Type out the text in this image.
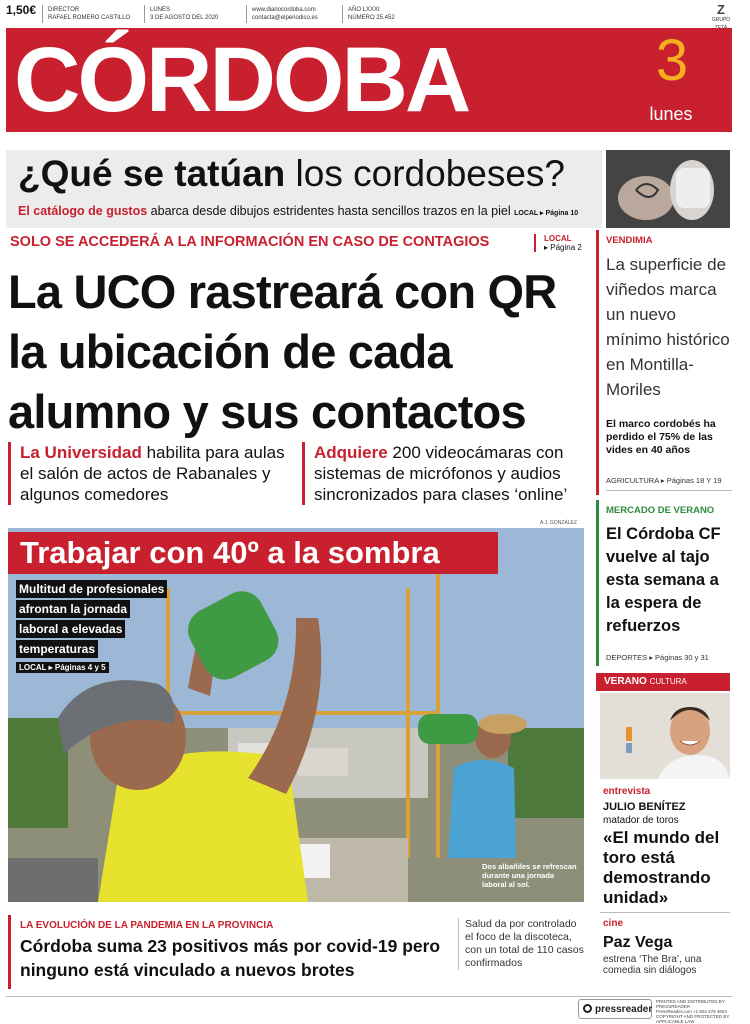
1,50€ DIRECTOR
RAFAEL ROMERO CASTILLO
LUNES
3 DE AGOSTO DEL 2020
www.diariocordoba.com
contacta@elperiodico.es
AÑO LXXXI
NÚMERO 25.452
Z
GRUPO
CÓRDOBA	3
lunes
¿Qué se tatúan los cordobeses?
El catálogo de gustos abarca desde dibujos estridentes hasta sencillos trazos en la piel LOCAL ▸ Página 10
SOLO SE ACCEDERÁ A LA INFORMACIÓN EN CASO DE CONTAGIOS	LOCAL
▸ Página 2
La UCO rastreará con QR la ubicación de cada alumno y sus contactos
La Universidad habilita para aulas el salón de actos de Rabanales y algunos comedores
Adquiere 200 videocámaras con sistemas de micrófonos y audios sincronizados para clases ‘online’
VENDIMIA
La superficie de viñedos marca un nuevo mínimo histórico en Montilla-Moriles
El marco cordobés ha perdido el 75% de las vides en 40 años
AGRICULTURA ▸ Páginas 18 Y 19
MERCADO DE VERANO
El Córdoba CF vuelve al tajo esta semana a la espera de refuerzos
DEPORTES ▸ Páginas 30 y 31
VERANO CULTURA
entrevista
JULIO BENÍTEZ
matador de toros
«El mundo del toro está demostrando unidad»
cine
Paz Vega
estrena ‘The Bra’, una comedia sin diálogos
A.J. GONZÁLEZ
Trabajar con 40º a la sombra
Multitud de profesionales
afrontan la jornada
laboral a elevadas
temperaturas
LOCAL ▸ Páginas 4 y 5
Dos albañiles se refrescan durante una jornada laboral al sol.
LA EVOLUCIÓN DE LA PANDEMIA EN LA PROVINCIA
Córdoba suma 23 positivos más por covid-19 pero ninguno está vinculado a nuevos brotes
Salud da por controlado el foco de la discoteca, con un total de 110 casos confirmados
pressreader
PRINTED AND DISTRIBUTED BY PRESSREADER
PressReader.com +1 604 278 4604
COPYRIGHT AND PROTECTED BY APPLICABLE LAW
